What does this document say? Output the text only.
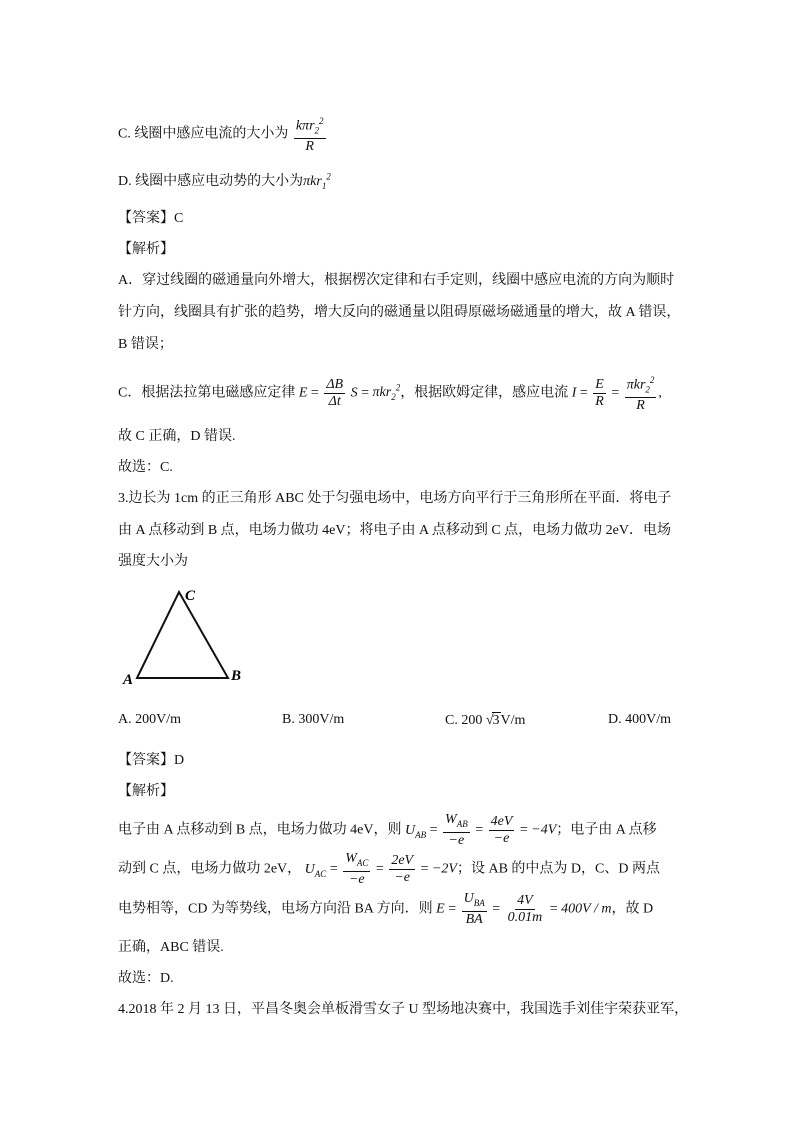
C. 线圈中感应电流的大小为 $\frac{k\pi r_2^2}{R}$
D. 线圈中感应电动势的大小为πkr$_1^2$
【答案】C
【解析】
A．穿过线圈的磁通量向外增大，根据楞次定律和右手定则，线圈中感应电流的方向为顺时
针方向，线圈具有扩张的趋势，增大反向的磁通量以阻碍原磁场磁通量的增大，故 A 错误，
B 错误；
C．根据法拉第电磁感应定律 $E = \frac{\Delta B}{\Delta t}$ S = πkr$_2^2$，根据欧姆定律，感应电流 $I = \frac{E}{R} = \frac{\pi kr_2^2}{R}$ ,
故 C 正确，D 错误.
故选：C.
3.边长为 1cm 的正三角形 ABC 处于匀强电场中，电场方向平行于三角形所在平面．将电子
由 A 点移动到 B 点，电场力做功 4eV；将电子由 A 点移动到 C 点，电场力做功 2eV．电场
强度大小为
A	B
C
A. 200V/m	B. 300V/m	C. 200 √3V/m	D. 400V/m
【答案】D
【解析】
电子由 A 点移动到 B 点，电场力做功 4eV，则 $U_{AB} = \frac{W_{AB}}{-e} = \frac{4eV}{-e} = -4V$；电子由 A 点移
动到 C 点，电场力做功 2eV， $U_{AC} = \frac{W_{AC}}{-e} = \frac{2eV}{-e} = -2V$；设 AB 的中点为 D，C、D 两点
电势相等，CD 为等势线，电场方向沿 BA 方向．则 $E = \frac{U_{BA}}{BA} = \frac{4V}{0.01m} = 400V / m$，故 D
正确，ABC 错误.
故选：D.
4.2018 年 2 月 13 日，平昌冬奥会单板滑雪女子 U 型场地决赛中，我国选手刘佳宇荣获亚军，
